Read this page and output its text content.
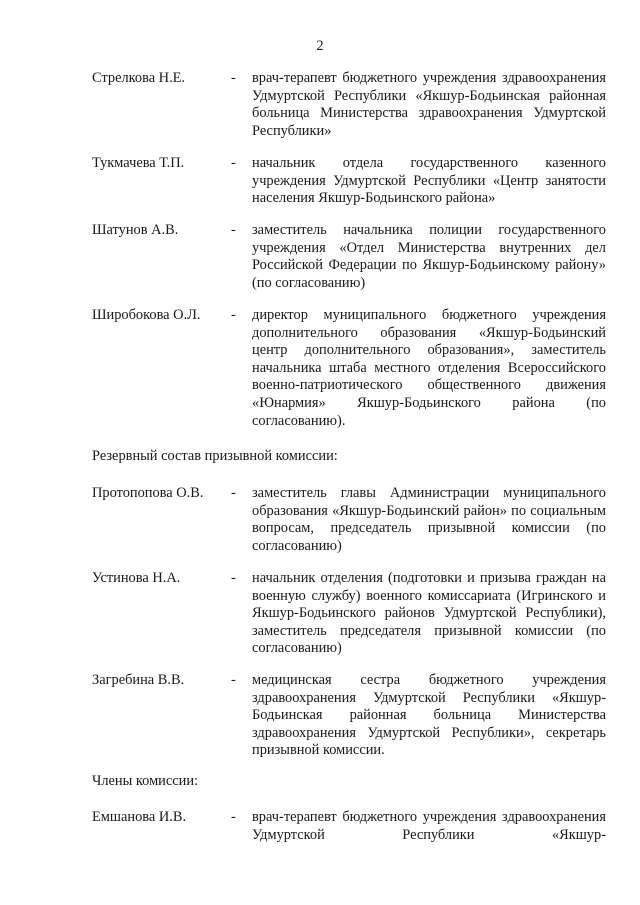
2
Стрелкова Н.Е.	- врач-терапевт бюджетного учреждения здравоохранения Удмуртской Республики «Якшур-Бодьинская районная больница Министерства здравоохранения Удмуртской Республики»
Тукмачева Т.П.	- начальник отдела государственного казенного учреждения Удмуртской Республики «Центр занятости населения Якшур-Бодьинского района»
Шатунов А.В.	- заместитель начальника полиции государственного учреждения «Отдел Министерства внутренних дел Российской Федерации по Якшур-Бодьинскому району» (по согласованию)
Широбокова О.Л. - директор муниципального бюджетного учреждения дополнительного образования «Якшур-Бодьинский центр дополнительного образования», заместитель начальника штаба местного отделения Всероссийского военно-патриотического общественного движения «Юнармия» Якшур-Бодьинского района (по согласованию).
Резервный состав призывной комиссии:
Протопопова О.В. - заместитель главы Администрации муниципального образования «Якшур-Бодьинский район» по социальным вопросам, председатель призывной комиссии (по согласованию)
Устинова Н.А.	- начальник отделения (подготовки и призыва граждан на военную службу) военного комиссариата (Игринского и Якшур-Бодьинского районов Удмуртской Республики), заместитель председателя призывной комиссии (по согласованию)
Загребина В.В.	- медицинская сестра бюджетного учреждения здравоохранения Удмуртской Республики «Якшур-Бодьинская районная больница Министерства здравоохранения Удмуртской Республики», секретарь призывной комиссии.
Члены комиссии:
Емшанова И.В.	- врач-терапевт бюджетного учреждения здравоохранения Удмуртской Республики «Якшур-
